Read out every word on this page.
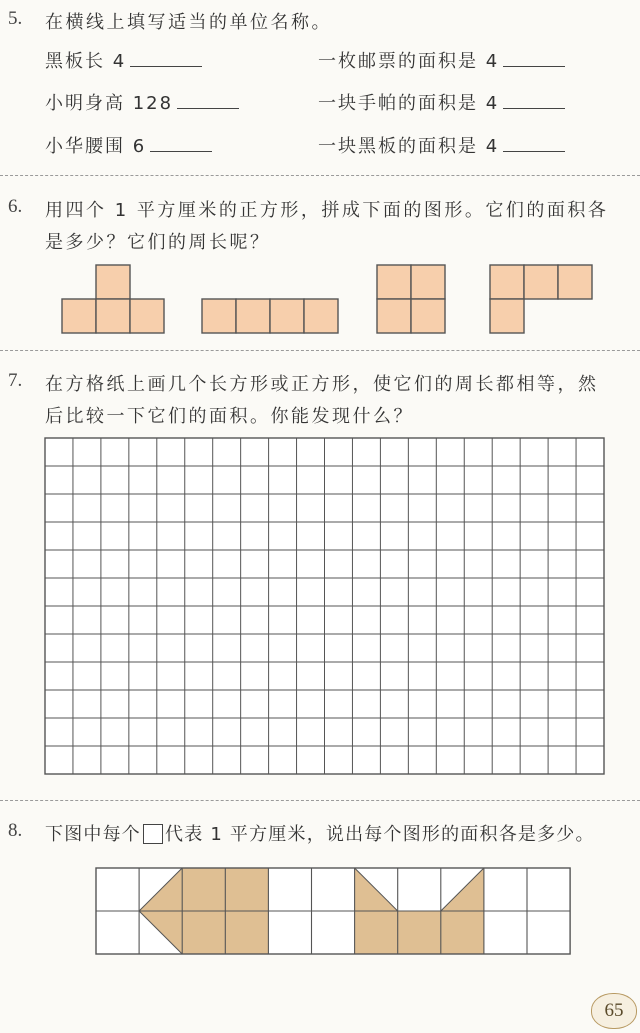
5. 在横线上填写适当的单位名称。
黑板长 4	一枚邮票的面积是 4
小明身高 128	一块手帕的面积是 4
小华腰围 6	一块黑板的面积是 4
6. 用四个 1 平方厘米的正方形，拼成下面的图形。它们的面积各
是多少？它们的周长呢？
7. 在方格纸上画几个长方形或正方形，使它们的周长都相等，然
后比较一下它们的面积。你能发现什么？
8. 下图中每个 代表 1 平方厘米，说出每个图形的面积各是多少。
65
